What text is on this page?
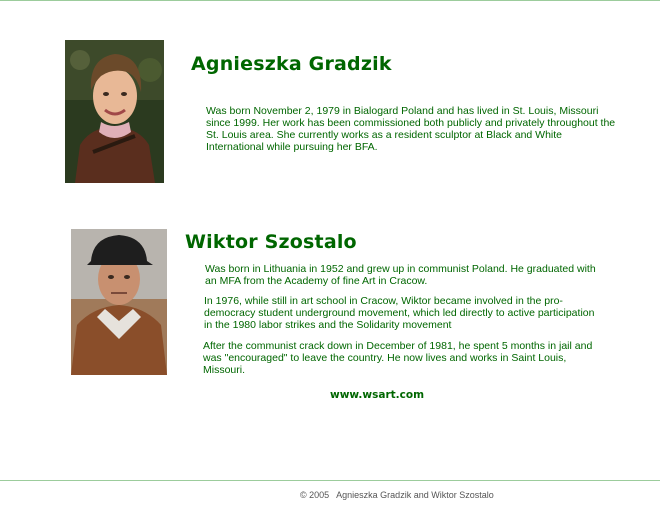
Agnieszka Gradzik

Was born November 2, 1979 in Bialogard Poland and has lived in St. Louis, Missouri since 1999. Her work has been commissioned both publicly and privately throughout the St. Louis area. She currently works as a resident sculptor at Black and White International while pursuing her BFA.

Wiktor Szostalo

Was born in Lithuania in 1952 and grew up in communist Poland. He graduated with an MFA from the Academy of fine Art in Cracow.

In 1976, while still in art school in Cracow, Wiktor became involved in the pro-democracy student underground movement, which led directly to active participation in the 1980 labor strikes and the Solidarity movement

After the communist crack down in December of 1981, he spent 5 months in jail and was "encouraged" to leave the country. He now lives and works in Saint Louis, Missouri.

www.wsart.com
© 2005   Agnieszka Gradzik and Wiktor Szostalo
